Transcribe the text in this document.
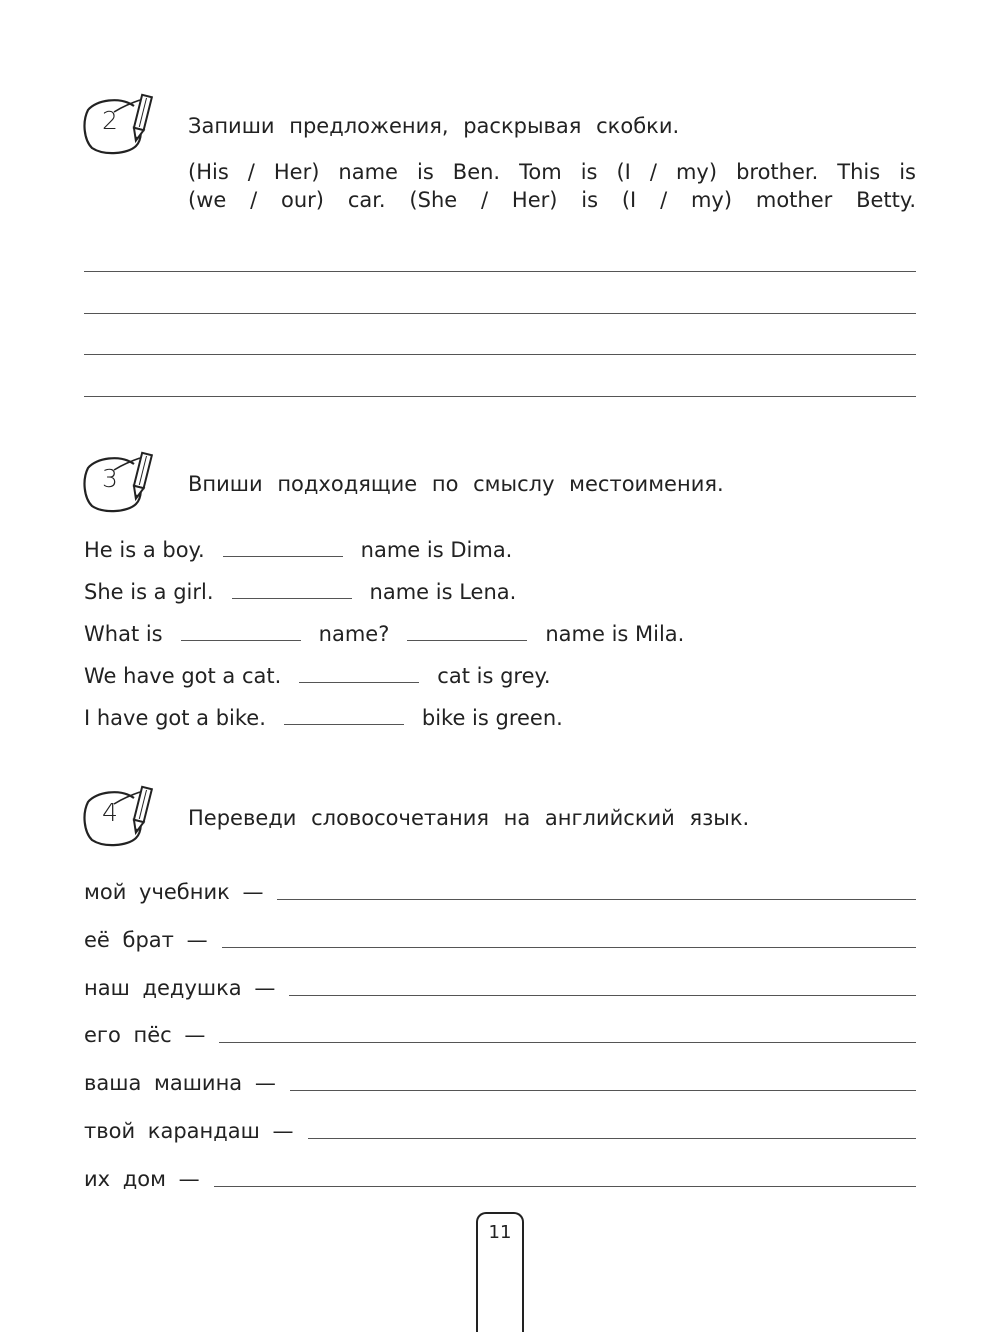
2	Запиши предложения, раскрывая скобки.
(His / Her) name is Ben. Tom is (I / my) brother. This is
(we / our) car. (She / Her) is (I / my) mother Betty.
3	Впиши подходящие по смыслу местоимения.
He is a boy.	name is Dima.
She is a girl.	name is Lena.
What is	name?	name is Mila.
We have got a cat.	cat is grey.
I have got a bike.	bike is green.
4	Переведи словосочетания на английский язык.
мой учебник —
её брат —
наш дедушка —
его пёс —
ваша машина —
твой карандаш —
их дом —
11
